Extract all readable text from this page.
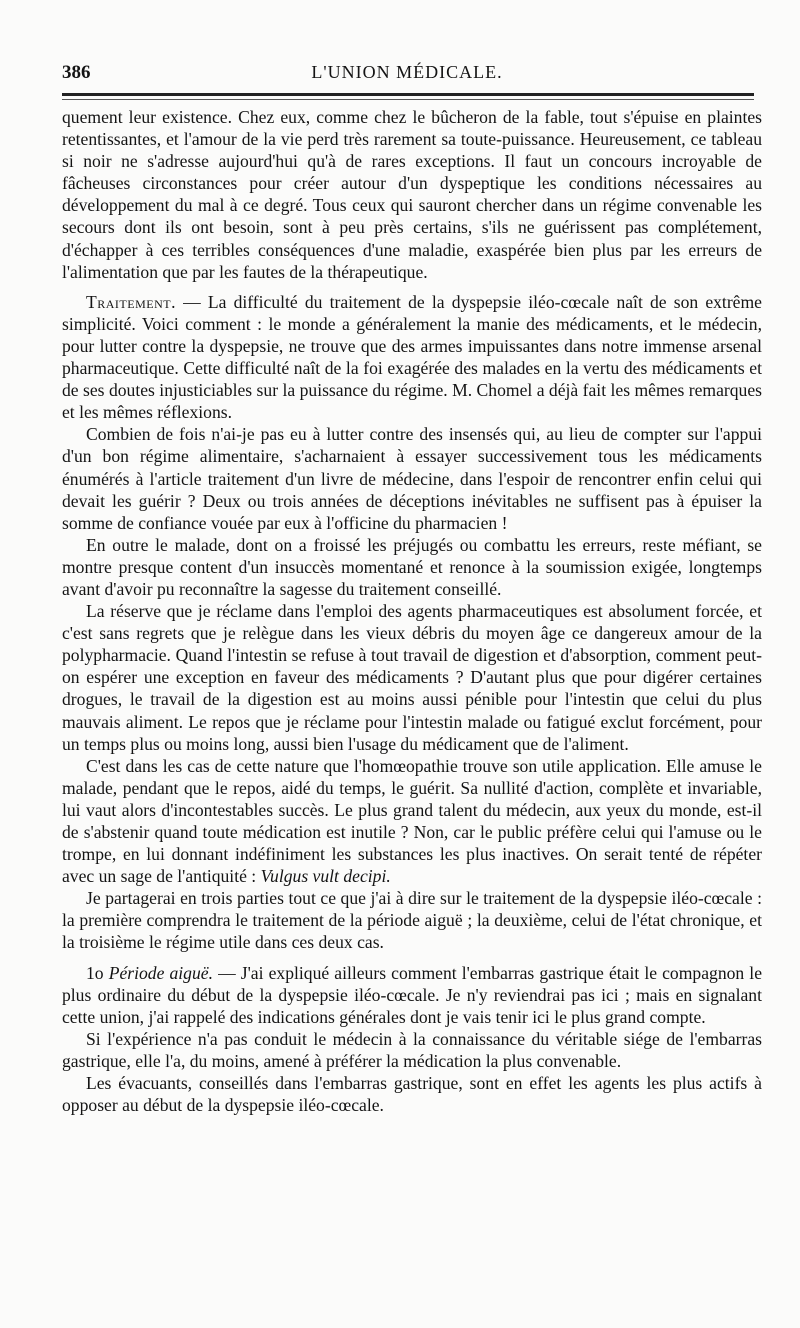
386	L'UNION MÉDICALE.

quement leur existence. Chez eux, comme chez le bûcheron de la fable, tout s'épuise en plaintes retentissantes, et l'amour de la vie perd très rarement sa toute-puissance. Heureusement, ce tableau si noir ne s'adresse aujourd'hui qu'à de rares exceptions. Il faut un concours incroyable de fâcheuses circonstances pour créer autour d'un dyspeptique les conditions nécessaires au développement du mal à ce degré. Tous ceux qui sauront chercher dans un régime convenable les secours dont ils ont besoin, sont à peu près certains, s'ils ne guérissent pas complétement, d'échapper à ces terribles conséquences d'une maladie, exaspérée bien plus par les erreurs de l'alimentation que par les fautes de la thérapeutique.

Traitement. — La difficulté du traitement de la dyspepsie iléo-cœcale naît de son extrême simplicité. Voici comment : le monde a généralement la manie des médicaments, et le médecin, pour lutter contre la dyspepsie, ne trouve que des armes impuissantes dans notre immense arsenal pharmaceutique. Cette difficulté naît de la foi exagérée des malades en la vertu des médicaments et de ses doutes injusticiables sur la puissance du régime. M. Chomel a déjà fait les mêmes remarques et les mêmes réflexions.

Combien de fois n'ai-je pas eu à lutter contre des insensés qui, au lieu de compter sur l'appui d'un bon régime alimentaire, s'acharnaient à essayer successivement tous les médicaments énumérés à l'article traitement d'un livre de médecine, dans l'espoir de rencontrer enfin celui qui devait les guérir ? Deux ou trois années de déceptions inévitables ne suffisent pas à épuiser la somme de confiance vouée par eux à l'officine du pharmacien !

En outre le malade, dont on a froissé les préjugés ou combattu les erreurs, reste méfiant, se montre presque content d'un insuccès momentané et renonce à la soumission exigée, longtemps avant d'avoir pu reconnaître la sagesse du traitement conseillé.

La réserve que je réclame dans l'emploi des agents pharmaceutiques est absolument forcée, et c'est sans regrets que je relègue dans les vieux débris du moyen âge ce dangereux amour de la polypharmacie. Quand l'intestin se refuse à tout travail de digestion et d'absorption, comment peut-on espérer une exception en faveur des médicaments ? D'autant plus que pour digérer certaines drogues, le travail de la digestion est au moins aussi pénible pour l'intestin que celui du plus mauvais aliment. Le repos que je réclame pour l'intestin malade ou fatigué exclut forcément, pour un temps plus ou moins long, aussi bien l'usage du médicament que de l'aliment.

C'est dans les cas de cette nature que l'homœopathie trouve son utile application. Elle amuse le malade, pendant que le repos, aidé du temps, le guérit. Sa nullité d'action, complète et invariable, lui vaut alors d'incontestables succès. Le plus grand talent du médecin, aux yeux du monde, est-il de s'abstenir quand toute médication est inutile ? Non, car le public préfère celui qui l'amuse ou le trompe, en lui donnant indéfiniment les substances les plus inactives. On serait tenté de répéter avec un sage de l'antiquité : Vulgus vult decipi.

Je partagerai en trois parties tout ce que j'ai à dire sur le traitement de la dyspepsie iléo-cœcale : la première comprendra le traitement de la période aiguë ; la deuxième, celui de l'état chronique, et la troisième le régime utile dans ces deux cas.

1o Période aiguë. — J'ai expliqué ailleurs comment l'embarras gastrique était le compagnon le plus ordinaire du début de la dyspepsie iléo-cœcale. Je n'y reviendrai pas ici ; mais en signalant cette union, j'ai rappelé des indications générales dont je vais tenir ici le plus grand compte.

Si l'expérience n'a pas conduit le médecin à la connaissance du véritable siége de l'embarras gastrique, elle l'a, du moins, amené à préférer la médication la plus convenable.

Les évacuants, conseillés dans l'embarras gastrique, sont en effet les agents les plus actifs à opposer au début de la dyspepsie iléo-cœcale.
